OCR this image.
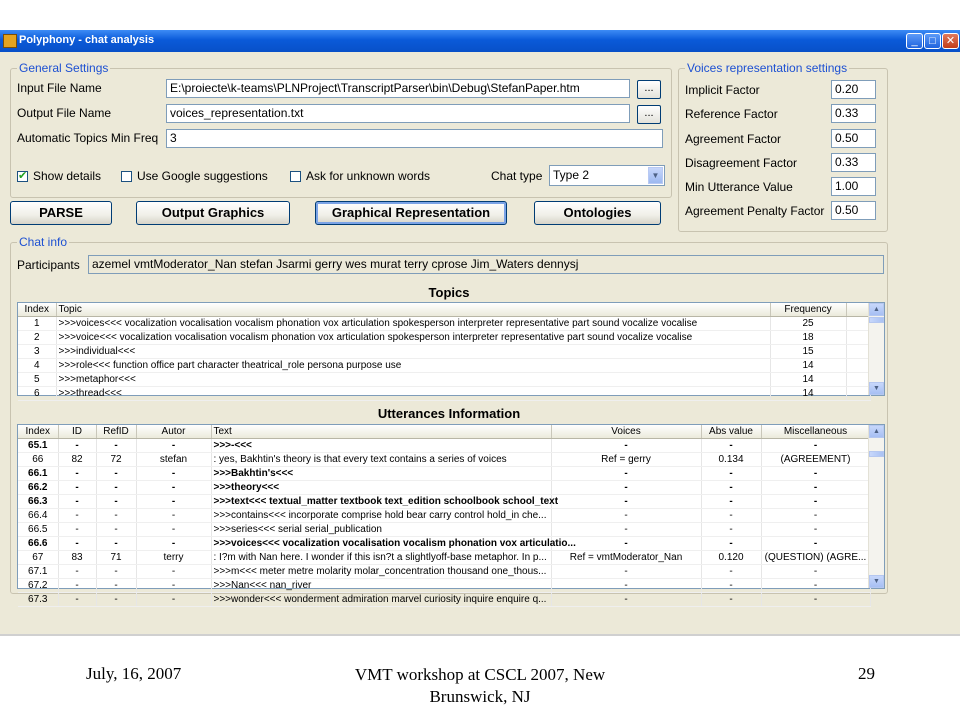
Polyphony - chat analysis	_	□ ✕
General Settings
Input File Name	E:\proiecte\k-teams\PLNProject\TranscriptParser\bin\Debug\StefanPaper.htm	...
Output File Name	voices_representation.txt	...
Automatic Topics Min Freq 3
✔ Show details	Use Google suggestions	Ask for unknown words	Chat type Type 2	▼
Voices representation settings
Implicit Factor	0.20
Reference Factor	0.33
Agreement Factor	0.50
Disagreement Factor	0.33
Min Utterance Value	1.00
Agreement Penalty Factor 0.50
PARSE	Output Graphics	Graphical Representation	Ontologies
Chat info
Participants	azemel vmtModerator_Nan stefan Jsarmi gerry wes murat terry cprose Jim_Waters dennysj
Topics
Index	Topic	Frequency	
1	>>>voices<<< vocalization vocalisation vocalism phonation vox articulation spokesperson interpreter representative part sound vocalize vocalise	25	
2	>>>voice<<< vocalization vocalisation vocalism phonation vox articulation spokesperson interpreter representative part sound vocalize vocalise	18	
3	>>>individual<<<	15	
4	>>>role<<< function office part character theatrical_role persona purpose use	14	
5	>>>metaphor<<<	14	
6	>>>thread<<<	14	
▲
▼
Utterances Information
Index	ID	RefID	Autor	Text	Voices	Abs value	Miscellaneous
65.1	-	-	-	>>>-<<<	-	-	-
66	82	72	stefan	: yes, Bakhtin's theory is that every text contains a series of voices	Ref = gerry	0.134	(AGREEMENT)
66.1	-	-	-	>>>Bakhtin's<<<	-	-	-
66.2	-	-	-	>>>theory<<<	-	-	-
66.3	-	-	-	>>>text<<< textual_matter textbook text_edition schoolbook school_text	-	-	-
66.4	-	-	-	>>>contains<<< incorporate comprise hold bear carry control hold_in che...	-	-	-
66.5	-	-	-	>>>series<<< serial serial_publication	-	-	-
66.6	-	-	-	>>>voices<<< vocalization vocalisation vocalism phonation vox articulatio...	-	-	-
67	83	71	terry	: I?m with Nan here. I wonder if this isn?t a slightlyoff-base metaphor. In p...	Ref = vmtModerator_Nan	0.120	(QUESTION) (AGRE...
67.1	-	-	-	>>>m<<< meter metre molarity molar_concentration thousand one_thous...	-	-	-
67.2	-	-	-	>>>Nan<<< nan_river	-	-	-
67.3	-	-	-	>>>wonder<<< wonderment admiration marvel curiosity inquire enquire q...	-	-	-
▲
▼
July, 16, 2007	VMT workshop at CSCL 2007, New
Brunswick, NJ
29
